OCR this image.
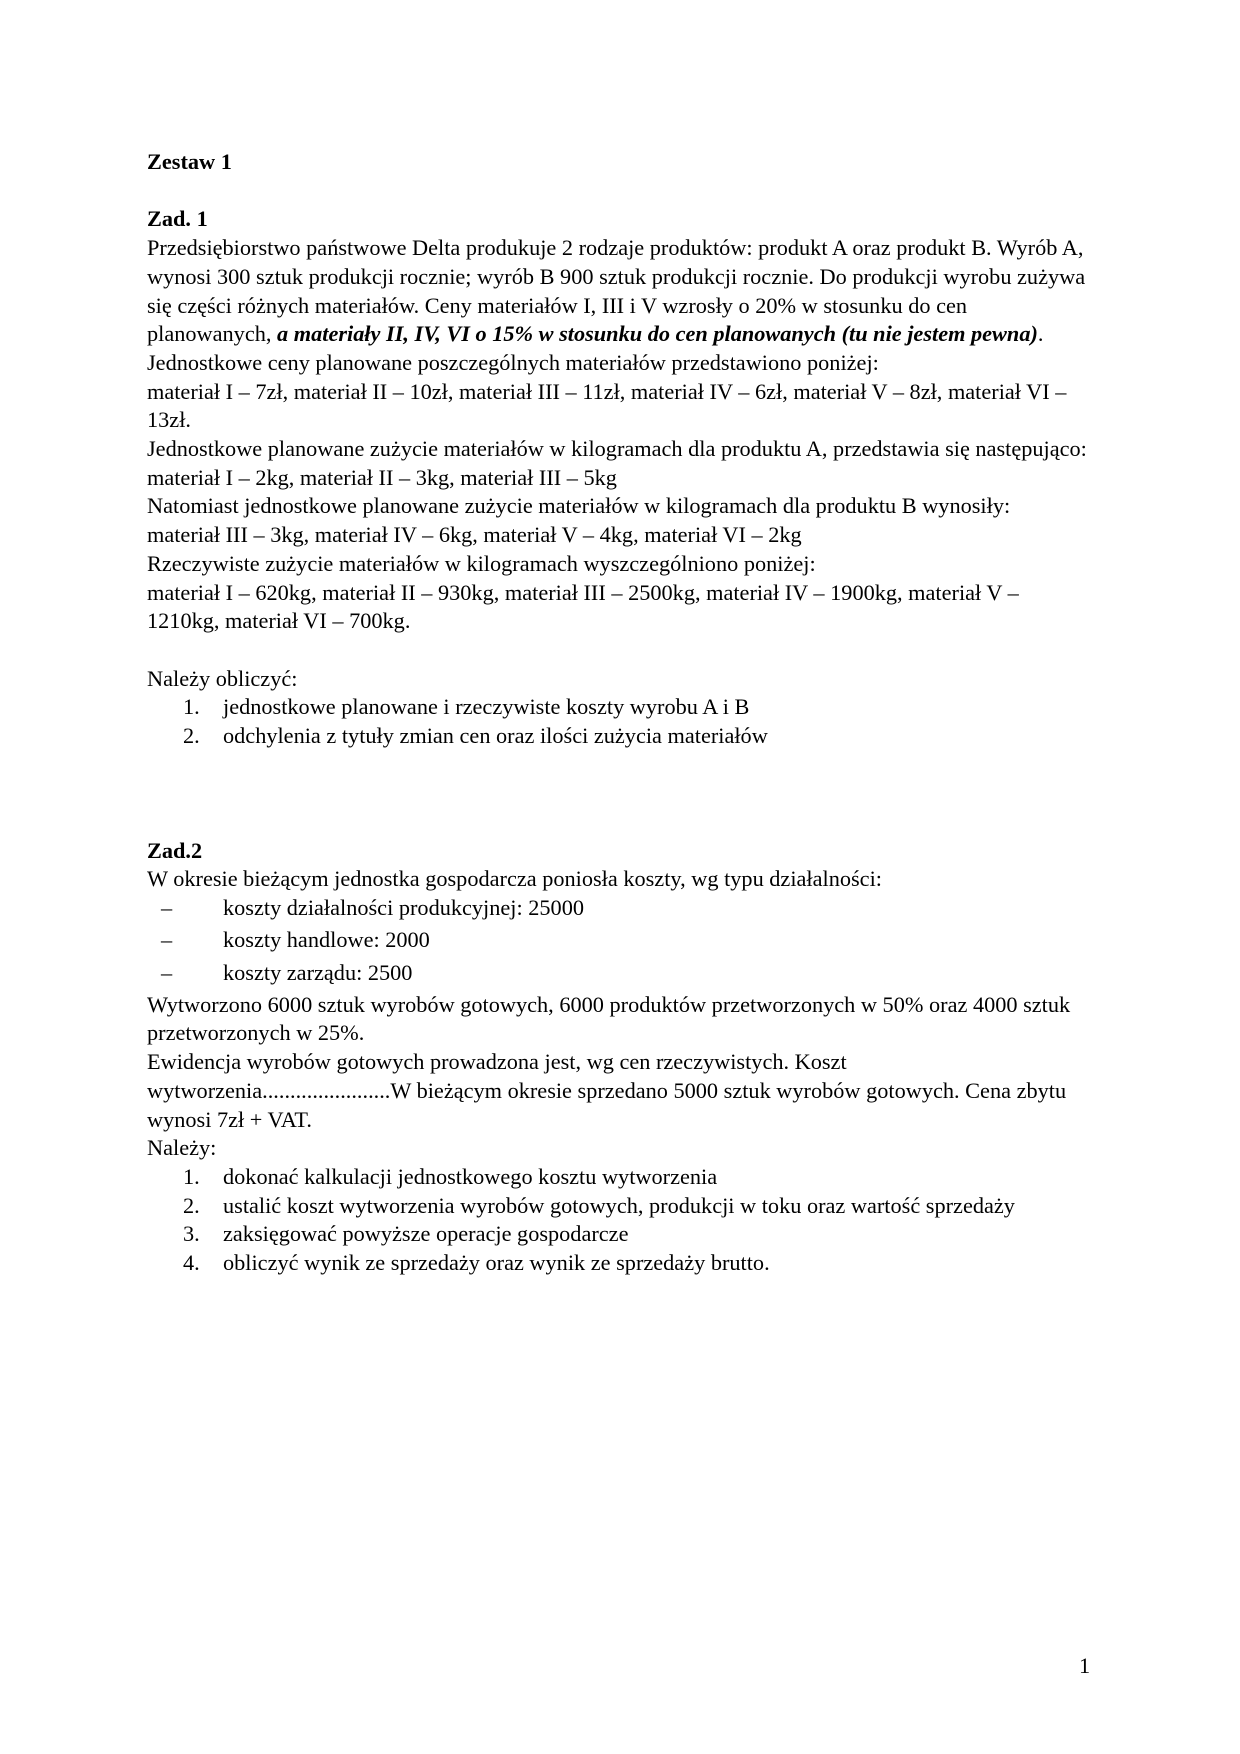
Zestaw 1

Zad. 1

Przedsiębiorstwo państwowe Delta produkuje 2 rodzaje produktów: produkt A oraz produkt B. Wyrób A, wynosi 300 sztuk produkcji rocznie; wyrób B 900 sztuk produkcji rocznie. Do produkcji wyrobu zużywa się części różnych materiałów. Ceny materiałów I, III i V wzrosły o 20% w stosunku do cen planowanych, a materiały II, IV, VI o 15% w stosunku do cen planowanych (tu nie jestem pewna). Jednostkowe ceny planowane poszczególnych materiałów przedstawiono poniżej:

materiał I – 7zł, materiał II – 10zł, materiał III – 11zł, materiał IV – 6zł, materiał V – 8zł, materiał VI – 13zł.

Jednostkowe planowane zużycie materiałów w kilogramach dla produktu A, przedstawia się następująco: materiał I – 2kg, materiał II – 3kg, materiał III – 5kg

Natomiast jednostkowe planowane zużycie materiałów w kilogramach dla produktu B wynosiły: materiał III – 3kg, materiał IV – 6kg, materiał V – 4kg, materiał VI – 2kg

Rzeczywiste zużycie materiałów w kilogramach wyszczególniono poniżej:

materiał I – 620kg, materiał II – 930kg, materiał III – 2500kg, materiał IV – 1900kg, materiał V – 1210kg, materiał VI – 700kg.

Należy obliczyć:

1. jednostkowe planowane i rzeczywiste koszty wyrobu A i B
2. odchylenia z tytuły zmian cen oraz ilości zużycia materiałów

Zad.2

W okresie bieżącym jednostka gospodarcza poniosła koszty, wg typu działalności:

– koszty działalności produkcyjnej: 25000
– koszty handlowe: 2000
– koszty zarządu: 2500

Wytworzono 6000 sztuk wyrobów gotowych, 6000 produktów przetworzonych w 50% oraz 4000 sztuk przetworzonych w 25%.

Ewidencja wyrobów gotowych prowadzona jest, wg cen rzeczywistych. Koszt wytworzenia.......................W bieżącym okresie sprzedano 5000 sztuk wyrobów gotowych. Cena zbytu wynosi 7zł + VAT.

Należy:

1. dokonać kalkulacji jednostkowego kosztu wytworzenia
2. ustalić koszt wytworzenia wyrobów gotowych, produkcji w toku oraz wartość sprzedaży
3. zaksięgować powyższe operacje gospodarcze
4. obliczyć wynik ze sprzedaży oraz wynik ze sprzedaży brutto.
1
